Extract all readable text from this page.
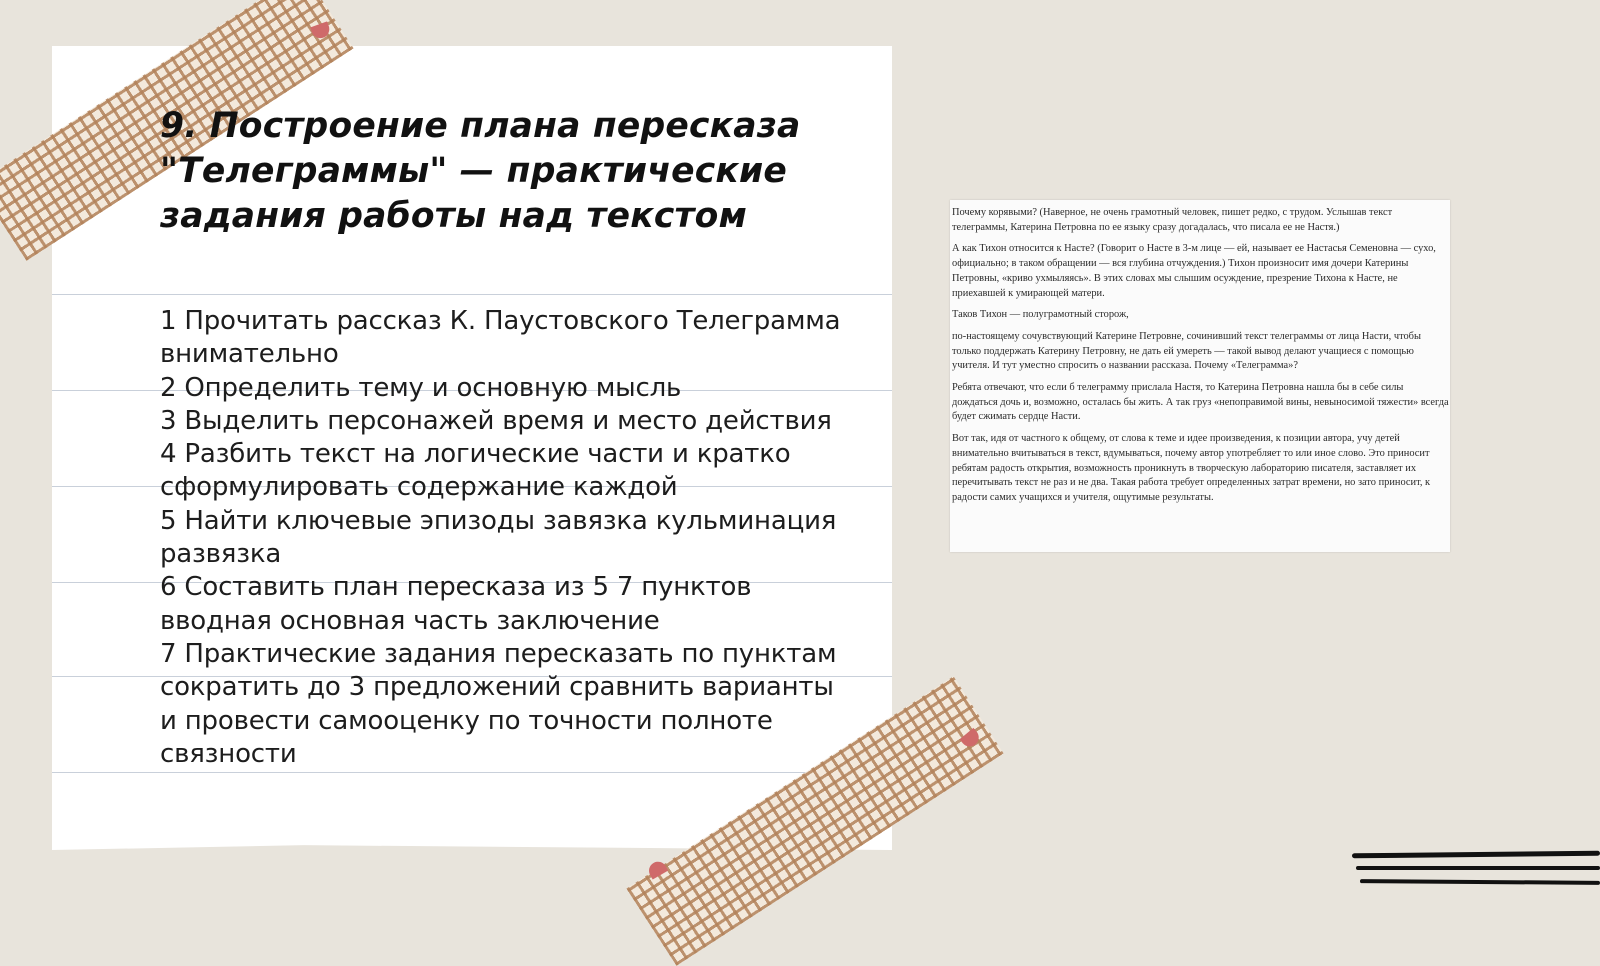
9. Построение плана пересказа "Телеграммы" — практические задания работы над текстом
1 Прочитать рассказ К. Паустовского Телеграмма внимательно
2 Определить тему и основную мысль
3 Выделить персонажей время и место действия
4 Разбить текст на логические части и кратко сформулировать содержание каждой
5 Найти ключевые эпизоды завязка кульминация развязка
6 Составить план пересказа из 5 7 пунктов вводная основная часть заключение
7 Практические задания пересказать по пунктам сократить до 3 предложений сравнить варианты и провести самооценку по точности полноте связности

Почему корявыми? (Наверное, не очень грамотный человек, пишет редко, с трудом. Услышав текст телеграммы, Катерина Петровна по ее языку сразу догадалась, что писала ее не Настя.)

А как Тихон относится к Насте? (Говорит о Насте в 3-м лице — ей, называет ее Настасья Семеновна — сухо, официально; в таком обращении — вся глубина отчуждения.) Тихон произносит имя дочери Катерины Петровны, «криво ухмыляясь». В этих словах мы слышим осуждение, презрение Тихона к Насте, не приехавшей к умирающей матери.

Таков Тихон — полуграмотный сторож,

по-настоящему сочувствующий Катерине Петровне, сочинивший текст телеграммы от лица Насти, чтобы только поддержать Катерину Петровну, не дать ей умереть — такой вывод делают учащиеся с помощью учителя. И тут уместно спросить о названии рассказа. Почему «Телеграмма»?

Ребята отвечают, что если б телеграмму прислала Настя, то Катерина Петровна нашла бы в себе силы дождаться дочь и, возможно, осталась бы жить. А так груз «непоправимой вины, невыносимой тяжести» всегда будет сжимать сердце Насти.

Вот так, идя от частного к общему, от слова к теме и идее произведения, к позиции автора, учу детей внимательно вчитываться в текст, вдумываться, почему автор употребляет то или иное слово. Это приносит ребятам радость открытия, возможность проникнуть в творческую лабораторию писателя, заставляет их перечитывать текст не раз и не два. Такая работа требует определенных затрат времени, но зато приносит, к радости самих учащихся и учителя, ощутимые результаты.
